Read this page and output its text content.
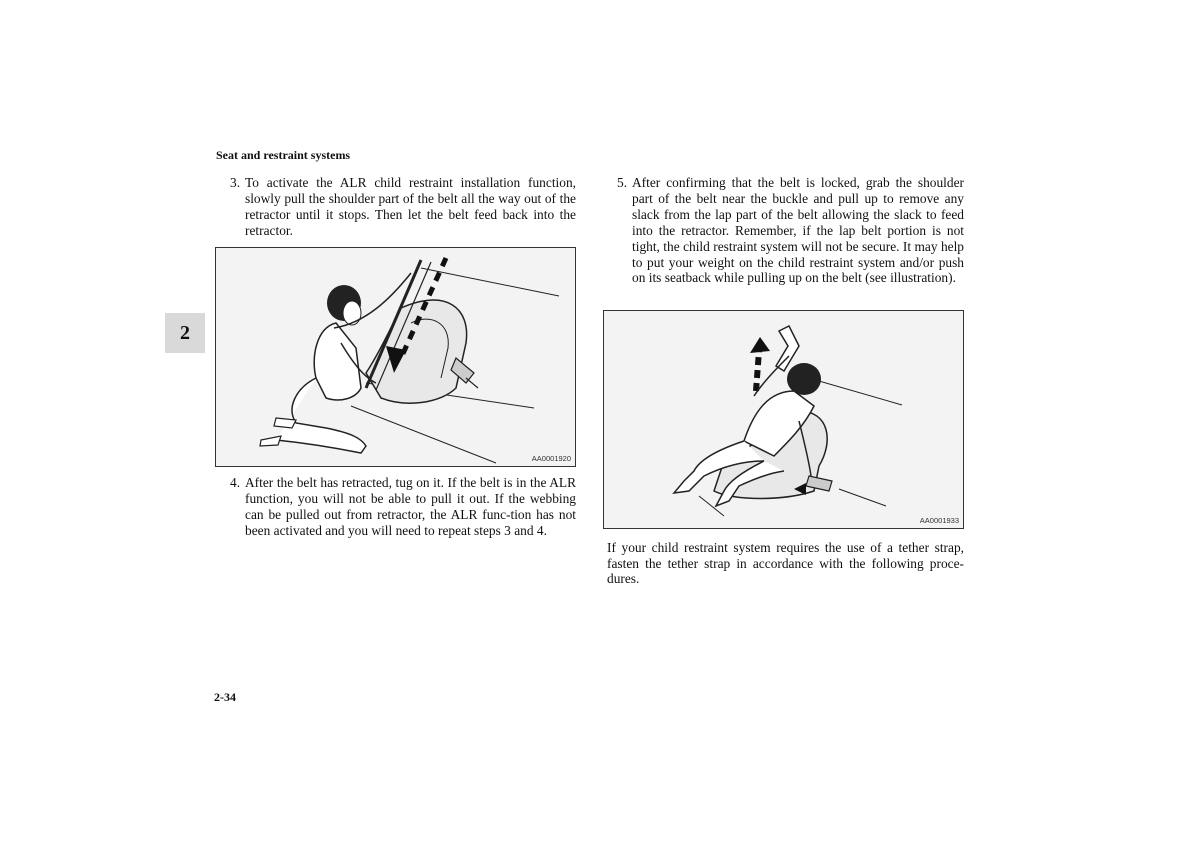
Seat and restraint systems
2
3. To activate the ALR child restraint installation function, slowly pull the shoulder part of the belt all the way out of the retractor until it stops. Then let the belt feed back into the retractor.
AA0001920
4. After the belt has retracted, tug on it. If the belt is in the ALR function, you will not be able to pull it out. If the webbing can be pulled out from retractor, the ALR func-tion has not been activated and you will need to repeat steps 3 and 4.
5. After confirming that the belt is locked, grab the shoulder part of the belt near the buckle and pull up to remove any slack from the lap part of the belt allowing the slack to feed into the retractor. Remember, if the lap belt portion is not tight, the child restraint system will not be secure. It may help to put your weight on the child restraint system and/or push on its seatback while pulling up on the belt (see illustration).
AA0001933
If your child restraint system requires the use of a tether strap, fasten the tether strap in accordance with the following proce-dures.
2-34
